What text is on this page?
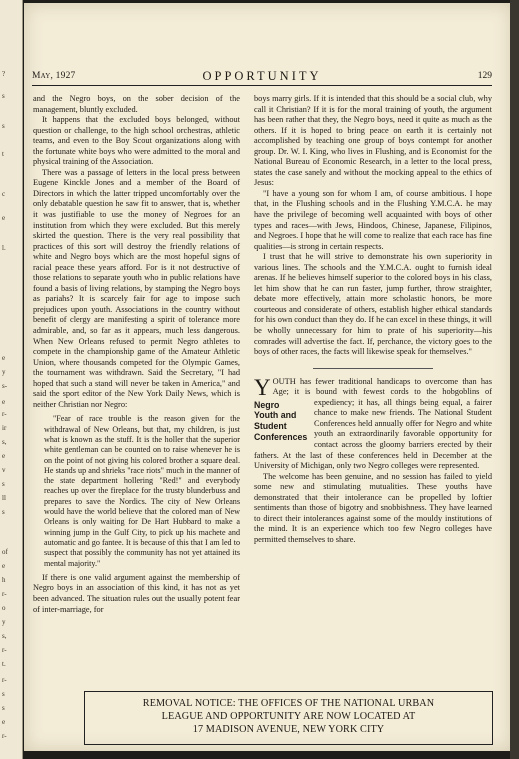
?
s
s
t
c
e
l.
e
y
s-
e
r-
ir
s,
e
v
s
ll
s
of
e
h
r-
o
y
s,
r-
t.
r-
s
s
e
r-
May, 1927	OPPORTUNITY	129

and the Negro boys, on the sober decision of the management, bluntly excluded.

It happens that the excluded boys belonged, without question or challenge, to the high school orchestras, athletic teams, and even to the Boy Scout organizations along with the fortunate white boys who were admitted to the moral and physical training of the Association.

There was a passage of letters in the local press between Eugene Kinckle Jones and a member of the Board of Directors in which the latter tripped uncomfortably over the only debatable question he saw fit to answer, that is, whether it was justifiable to use the money of Negroes for an institution from which they were excluded. But this merely skirted the question. There is the very real possibility that practices of this sort will destroy the friendly relations of white and Negro boys which are the most hopeful signs of racial peace these years afford. For is it not destructive of those relations to separate youth who in public relations have found a basis of living relations, by stamping the Negro boys as pariahs? It is scarcely fair for age to impose such prejudices upon youth. Associations in the country without benefit of clergy are manifesting a spirit of tolerance more admirable, and, so far as it appears, much less dangerous. When New Orleans refused to permit Negro athletes to compete in the championship game of the Amateur Athletic Union, where thousands competed for the Olympic Games, the tournament was withdrawn. Said the Secretary, "I had hoped that such a stand will never be taken in America," and said the sport editor of the New York Daily News, which is neither Christian nor Negro:

"Fear of race trouble is the reason given for the withdrawal of New Orleans, but that, my children, is just what is known as the stuff. It is the holler that the superior white gentleman can be counted on to raise whenever he is on the point of not giving his colored brother a square deal. He stands up and shrieks "race riots" much in the manner of the state department hollering "Red!" and everybody reaches up over the fireplace for the trusty blunderbuss and prepares to save the Nordics. The city of New Orleans would have the world believe that the colored man of New Orleans is only waiting for De Hart Hubbard to make a winning jump in the Gulf City, to pick up his machete and automatic and go fantee. It is because of this that I am led to suspect that possibly the community has not yet attained its mental majority."

If there is one valid argument against the membership of Negro boys in an association of this kind, it has not as yet been advanced. The situation rules out the usually potent fear of inter-marriage, for

boys marry girls. If it is intended that this should be a social club, why call it Christian? If it is for the moral training of youth, the argument has been rather that they, the Negro boys, need it quite as much as the others. If it is hoped to bring peace on earth it is certainly not accomplished by teaching one group of boys contempt for another group. Dr. W. I. King, who lives in Flushing, and is Economist for the National Bureau of Economic Research, in a letter to the local press, states the case sanely and without the mocking appeal to the ethics of Jesus:

"I have a young son for whom I am, of course ambitious. I hope that, in the Flushing schools and in the Flushing Y.M.C.A. he may have the privilege of becoming well acquainted with boys of other types and races—with Jews, Hindoos, Chinese, Japanese, Filipinos, and Negroes. I hope that he will come to realize that each race has fine qualities—is strong in certain respects.

I trust that he will strive to demonstrate his own superiority in various lines. The schools and the Y.M.C.A. ought to furnish ideal arenas. If he believes himself superior to the colored boys in his class, let him show that he can run faster, jump further, throw straighter, debate more effectively, attain more scholastic honors, be more courteous and considerate of others, establish higher ethical standards for his own conduct than they do. If he can excel in these things, it will be wholly unnecessary for him to prate of his superiority—his comrades will advertise the fact. If, perchance, the victory goes to the boys of other races, the facts will likewise speak for themselves."

YOUTH has fewer traditional handicaps to overcome than has Age; it is bound with fewest cords to the hobgoblins of expediency; it has, all
Negro
Youth and
Student
Conferences
things being equal, a fairer chance to make new friends. The National Student Conferences held annually offer for Negro and white youth an extraordinarily favorable opportunity for contact across the gloomy barriers erected by their fathers. At the last of these conferences held in December at the University of Michigan, only two Negro colleges were represented.

The welcome has been genuine, and no session has failed to yield some new and stimulating mutualities. These youths have demonstrated that their intolerance can be propelled by loftier sentiments than those of bigotry and snobbishness. They have learned to direct their intolerances against some of the mouldy institutions of the mind. It is an experience which too few Negro colleges have permitted themselves to share.

REMOVAL NOTICE: THE OFFICES OF THE NATIONAL URBAN
LEAGUE AND OPPORTUNITY ARE NOW LOCATED AT
17 MADISON AVENUE, NEW YORK CITY
